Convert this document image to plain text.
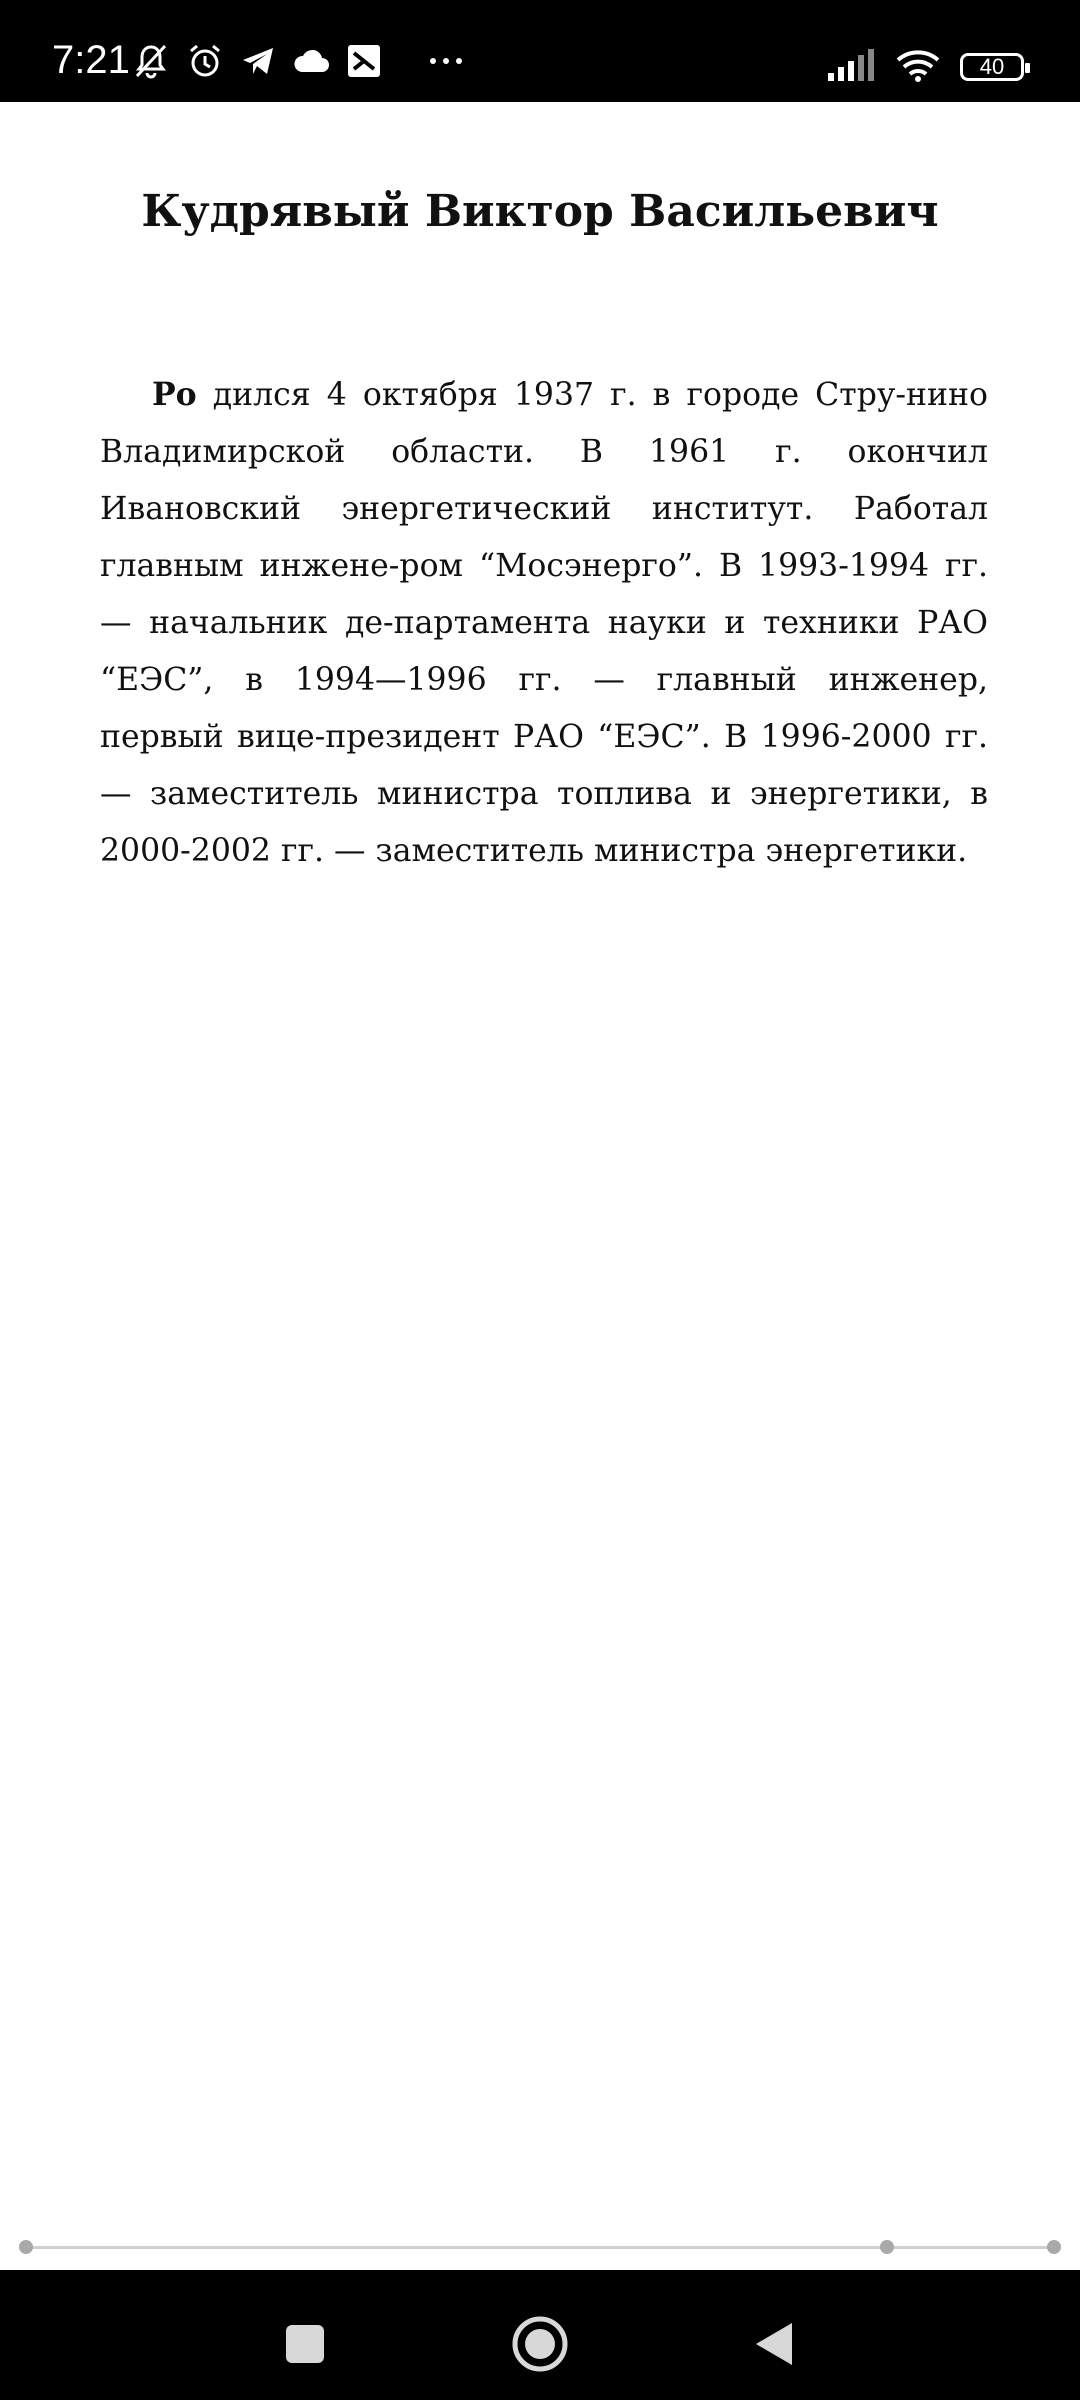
7:21	40
Кудрявый Виктор Васильевич

Ро дился 4 октября 1937 г. в городе Стру-нино Владимирской области. В 1961 г. окончил Ивановский энергетический институт. Работал главным инжене-ром “Мосэнерго”. В 1993-1994 гг. — начальник де-партамента науки и техники РАО “ЕЭС”, в 1994—1996 гг. — главный инженер, первый вице-президент РАО “ЕЭС”. В 1996-2000 гг. — заместитель министра топлива и энергетики, в 2000-2002 гг. — заместитель министра энергетики.
